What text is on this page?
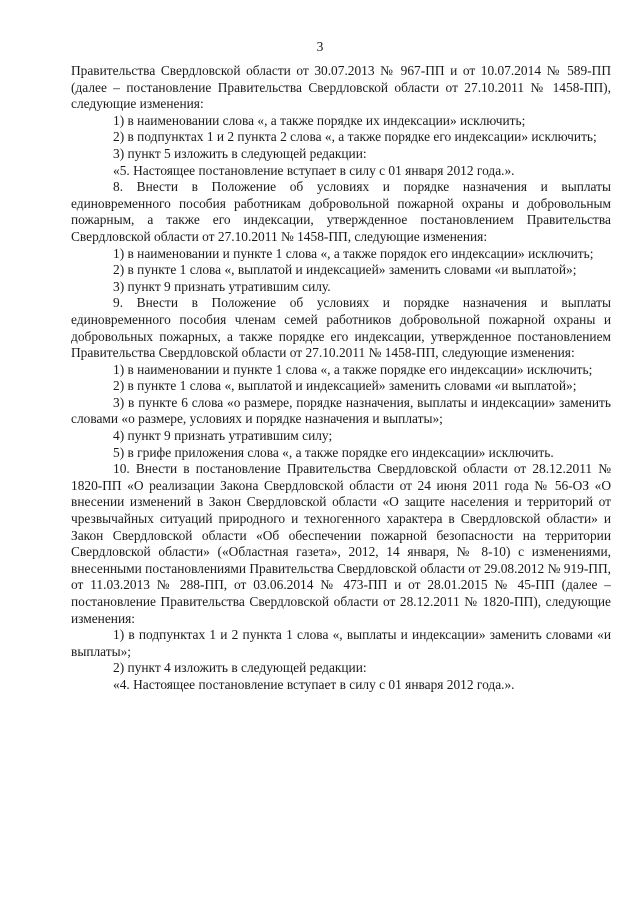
3

Правительства Свердловской области от 30.07.2013 № 967-ПП и от 10.07.2014 № 589-ПП (далее – постановление Правительства Свердловской области от 27.10.2011 № 1458-ПП), следующие изменения:

1) в наименовании слова «, а также порядке их индексации» исключить;

2) в подпунктах 1 и 2 пункта 2 слова «, а также порядке его индексации» исключить;

3) пункт 5 изложить в следующей редакции:

«5. Настоящее постановление вступает в силу с 01 января 2012 года.».

8. Внести в Положение об условиях и порядке назначения и выплаты единовременного пособия работникам добровольной пожарной охраны и добровольным пожарным, а также его индексации, утвержденное постановлением Правительства Свердловской области от 27.10.2011 № 1458-ПП, следующие изменения:

1) в наименовании и пункте 1 слова «, а также порядок его индексации» исключить;

2) в пункте 1 слова «, выплатой и индексацией» заменить словами «и выплатой»;

3) пункт 9 признать утратившим силу.

9. Внести в Положение об условиях и порядке назначения и выплаты единовременного пособия членам семей работников добровольной пожарной охраны и добровольных пожарных, а также порядке его индексации, утвержденное постановлением Правительства Свердловской области от 27.10.2011 № 1458-ПП, следующие изменения:

1) в наименовании и пункте 1 слова «, а также порядке его индексации» исключить;

2) в пункте 1 слова «, выплатой и индексацией» заменить словами «и выплатой»;

3) в пункте 6 слова «о размере, порядке назначения, выплаты и индексации» заменить словами «о размере, условиях и порядке назначения и выплаты»;

4) пункт 9 признать утратившим силу;

5) в грифе приложения слова «, а также порядке его индексации» исключить.

10. Внести в постановление Правительства Свердловской области от 28.12.2011 № 1820-ПП «О реализации Закона Свердловской области от 24 июня 2011 года № 56-ОЗ «О внесении изменений в Закон Свердловской области «О защите населения и территорий от чрезвычайных ситуаций природного и техногенного характера в Свердловской области» и Закон Свердловской области «Об обеспечении пожарной безопасности на территории Свердловской области» («Областная газета», 2012, 14 января, № 8-10) с изменениями, внесенными постановлениями Правительства Свердловской области от 29.08.2012 № 919-ПП, от 11.03.2013 № 288-ПП, от 03.06.2014 № 473-ПП и от 28.01.2015 № 45-ПП (далее – постановление Правительства Свердловской области от 28.12.2011 № 1820-ПП), следующие изменения:

1) в подпунктах 1 и 2 пункта 1 слова «, выплаты и индексации» заменить словами «и выплаты»;

2) пункт 4 изложить в следующей редакции:

«4. Настоящее постановление вступает в силу с 01 января 2012 года.».
